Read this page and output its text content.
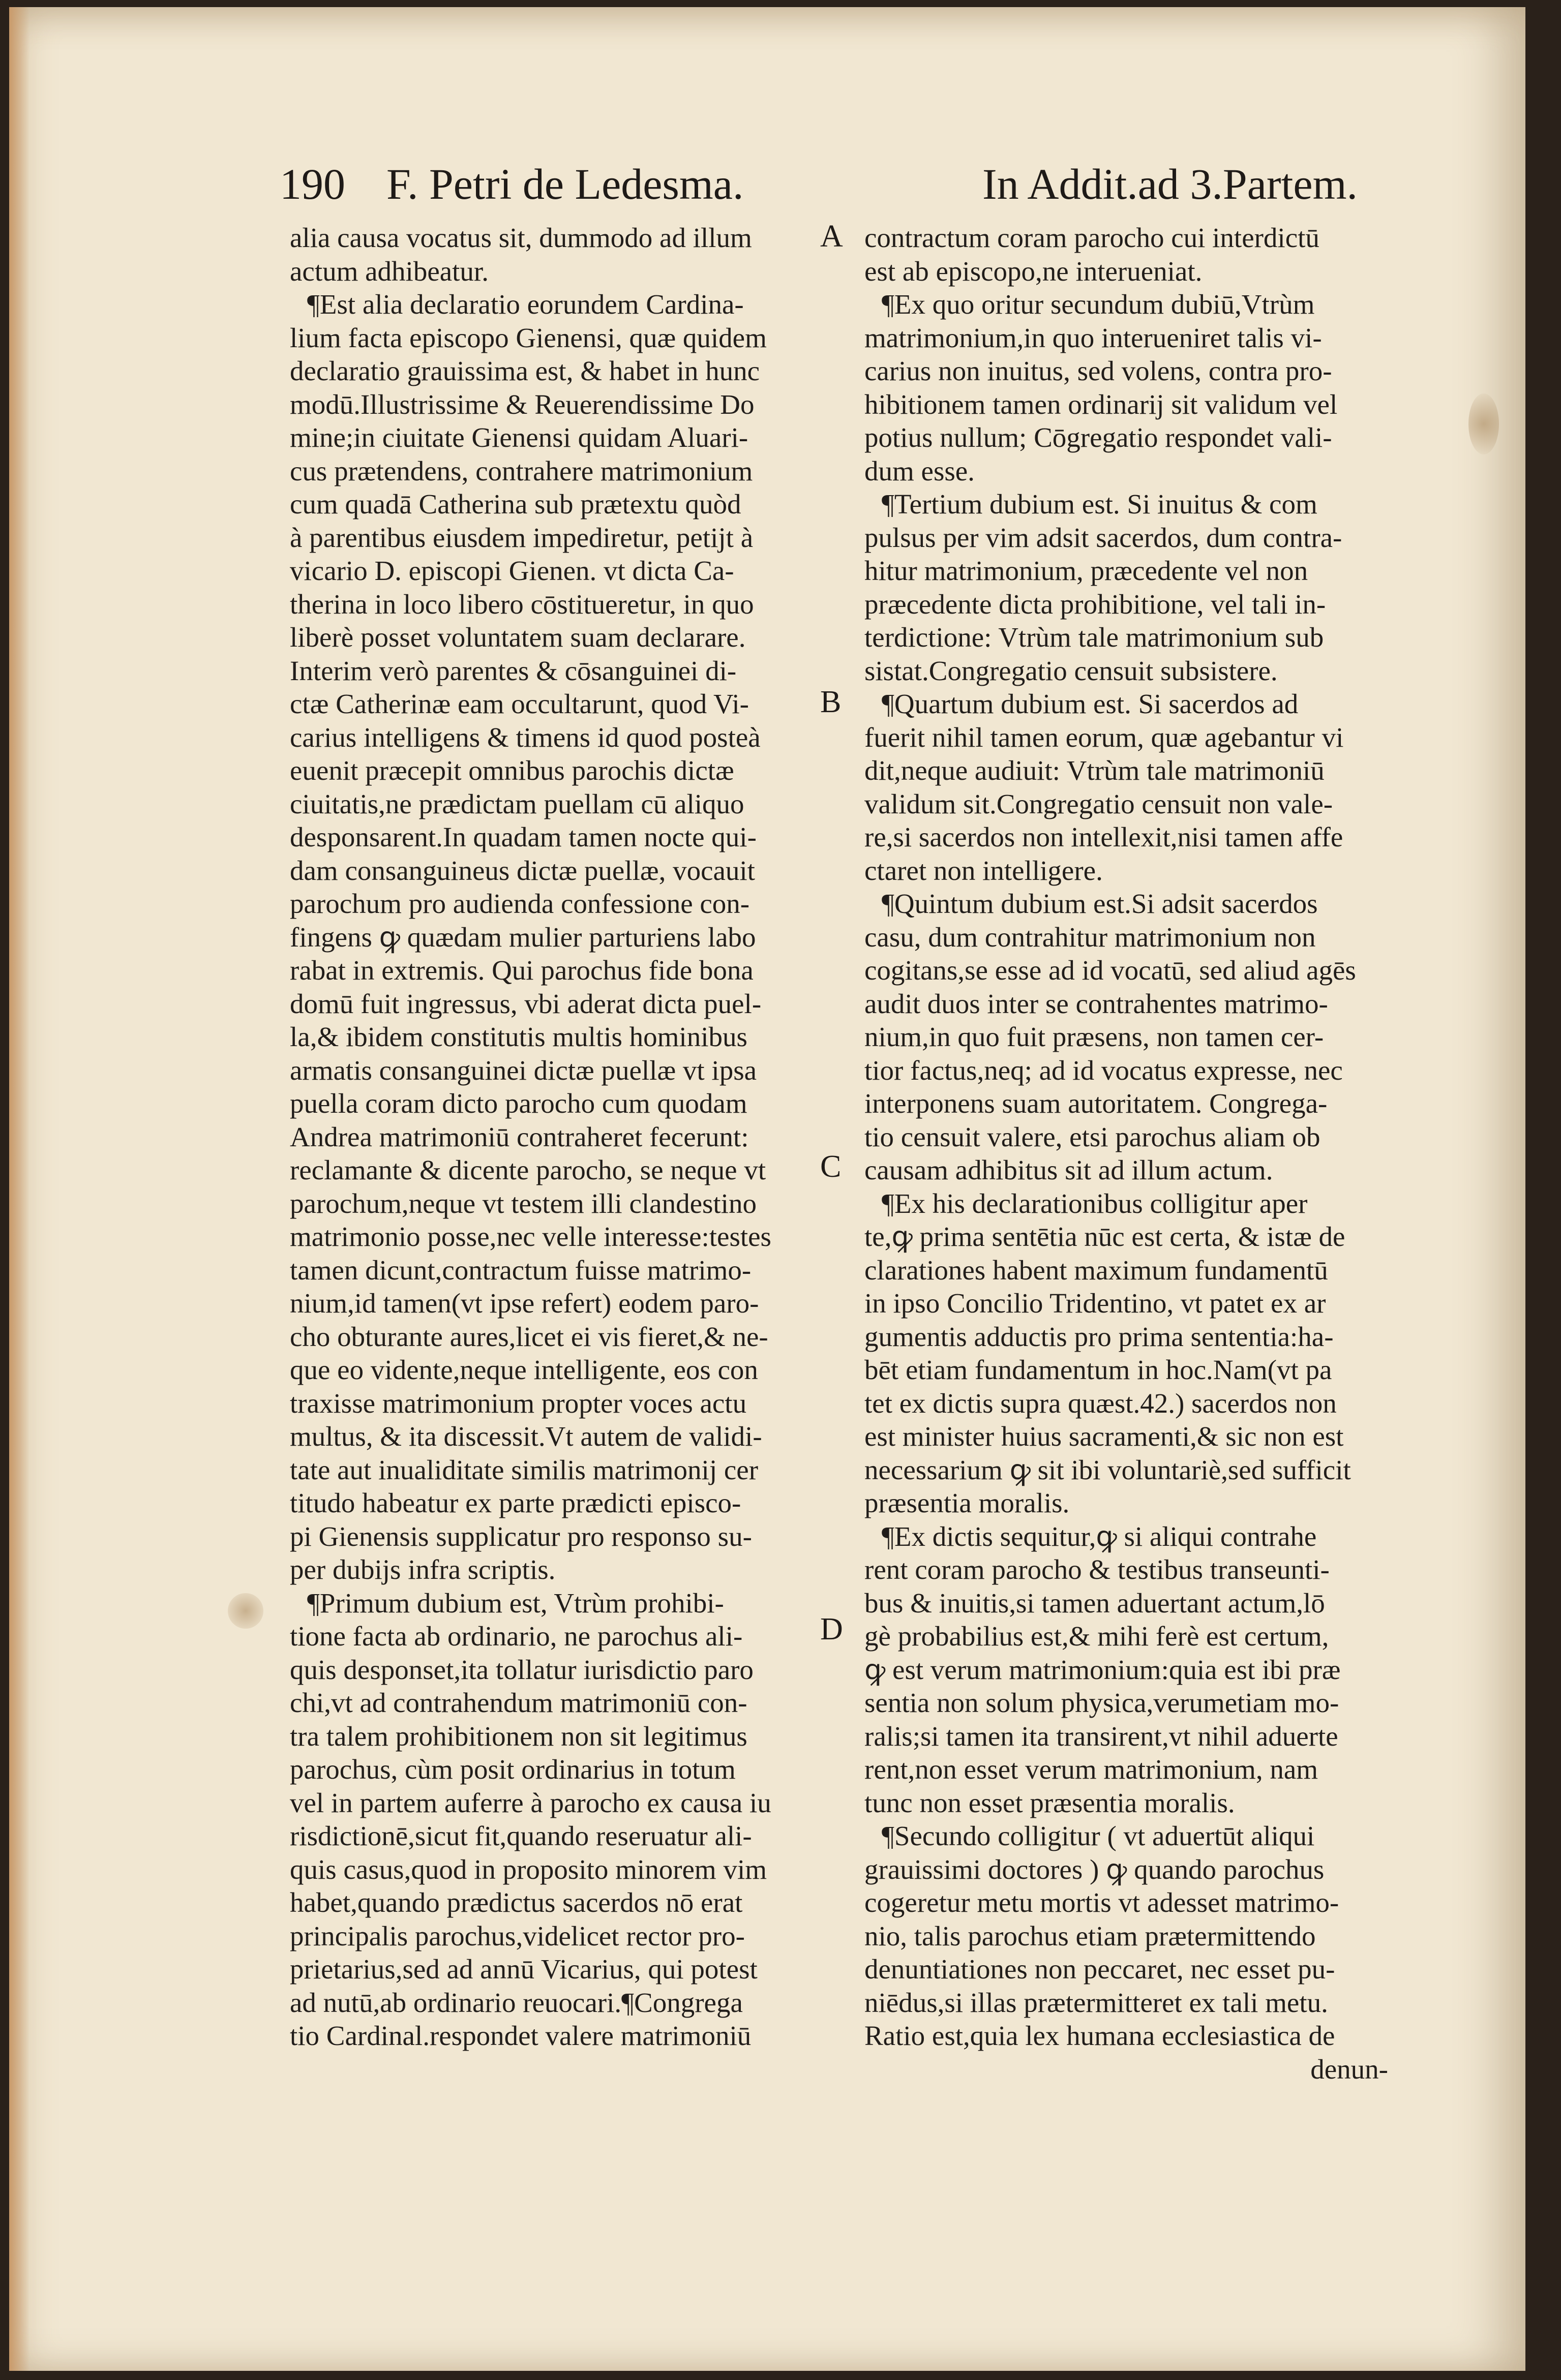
190 F. Petri de Ledesma.	In Addit.ad 3.Partem.
A
B
C
D
alia causa vocatus sit, dummodo ad illum
actum adhibeatur.
¶Est alia declaratio eorundem Cardina-
lium facta episcopo Gienensi, quæ quidem
declaratio grauissima est, & habet in hunc
modū.Illustrissime & Reuerendissime Do
mine;in ciuitate Gienensi quidam Aluari-
cus prætendens, contrahere matrimonium
cum quadā Catherina sub prætextu quòd
à parentibus eiusdem impediretur, petijt à
vicario D. episcopi Gienen. vt dicta Ca-
therina in loco libero cōstitueretur, in quo
liberè posset voluntatem suam declarare.
Interim verò parentes & cōsanguinei di-
ctæ Catherinæ eam occultarunt, quod Vi-
carius intelligens & timens id quod posteà
euenit præcepit omnibus parochis dictæ
ciuitatis,ne prædictam puellam cū aliquo
desponsarent.In quadam tamen nocte qui-
dam consanguineus dictæ puellæ, vocauit
parochum pro audienda confessione con-
fingens ꝙ quædam mulier parturiens labo
rabat in extremis. Qui parochus fide bona
domū fuit ingressus, vbi aderat dicta puel-
la,& ibidem constitutis multis hominibus
armatis consanguinei dictæ puellæ vt ipsa
puella coram dicto parocho cum quodam
Andrea matrimoniū contraheret fecerunt:
reclamante & dicente parocho, se neque vt
parochum,neque vt testem illi clandestino
matrimonio posse,nec velle interesse:testes
tamen dicunt,contractum fuisse matrimo-
nium,id tamen(vt ipse refert) eodem paro-
cho obturante aures,licet ei vis fieret,& ne-
que eo vidente,neque intelligente, eos con
traxisse matrimonium propter voces actu
multus, & ita discessit.Vt autem de validi-
tate aut inualiditate similis matrimonij cer
titudo habeatur ex parte prædicti episco-
pi Gienensis supplicatur pro responso su-
per dubijs infra scriptis.
¶Primum dubium est, Vtrùm prohibi-
tione facta ab ordinario, ne parochus ali-
quis desponset,ita tollatur iurisdictio paro
chi,vt ad contrahendum matrimoniū con-
tra talem prohibitionem non sit legitimus
parochus, cùm posit ordinarius in totum
vel in partem auferre à parocho ex causa iu
risdictionē,sicut fit,quando reseruatur ali-
quis casus,quod in proposito minorem vim
habet,quando prædictus sacerdos nō erat
principalis parochus,videlicet rector pro-
prietarius,sed ad annū Vicarius, qui potest
ad nutū,ab ordinario reuocari.¶Congrega
tio Cardinal.respondet valere matrimoniū
contractum coram parocho cui interdictū
est ab episcopo,ne interueniat.
¶Ex quo oritur secundum dubiū,Vtrùm
matrimonium,in quo interueniret talis vi-
carius non inuitus, sed volens, contra pro-
hibitionem tamen ordinarij sit validum vel
potius nullum; Cōgregatio respondet vali-
dum esse.
¶Tertium dubium est. Si inuitus & com
pulsus per vim adsit sacerdos, dum contra-
hitur matrimonium, præcedente vel non
præcedente dicta prohibitione, vel tali in-
terdictione: Vtrùm tale matrimonium sub
sistat.Congregatio censuit subsistere.
¶Quartum dubium est. Si sacerdos ad
fuerit nihil tamen eorum, quæ agebantur vi
dit,neque audiuit: Vtrùm tale matrimoniū
validum sit.Congregatio censuit non vale-
re,si sacerdos non intellexit,nisi tamen affe
ctaret non intelligere.
¶Quintum dubium est.Si adsit sacerdos
casu, dum contrahitur matrimonium non
cogitans,se esse ad id vocatū, sed aliud agēs
audit duos inter se contrahentes matrimo-
nium,in quo fuit præsens, non tamen cer-
tior factus,neq; ad id vocatus expresse, nec
interponens suam autoritatem. Congrega-
tio censuit valere, etsi parochus aliam ob
causam adhibitus sit ad illum actum.
¶Ex his declarationibus colligitur aper
te,ꝙ prima sentētia nūc est certa, & istæ de
clarationes habent maximum fundamentū
in ipso Concilio Tridentino, vt patet ex ar
gumentis adductis pro prima sententia:ha-
bēt etiam fundamentum in hoc.Nam(vt pa
tet ex dictis supra quæst.42.) sacerdos non
est minister huius sacramenti,& sic non est
necessarium ꝙ sit ibi voluntariè,sed sufficit
præsentia moralis.
¶Ex dictis sequitur,ꝙ si aliqui contrahe
rent coram parocho & testibus transeunti-
bus & inuitis,si tamen aduertant actum,lō
gè probabilius est,& mihi ferè est certum,
ꝙ est verum matrimonium:quia est ibi præ
sentia non solum physica,verumetiam mo-
ralis;si tamen ita transirent,vt nihil aduerte
rent,non esset verum matrimonium, nam
tunc non esset præsentia moralis.
¶Secundo colligitur ( vt aduertūt aliqui
grauissimi doctores ) ꝙ quando parochus
cogeretur metu mortis vt adesset matrimo-
nio, talis parochus etiam prætermittendo
denuntiationes non peccaret, nec esset pu-
niēdus,si illas prætermitteret ex tali metu.
Ratio est,quia lex humana ecclesiastica de
denun-
